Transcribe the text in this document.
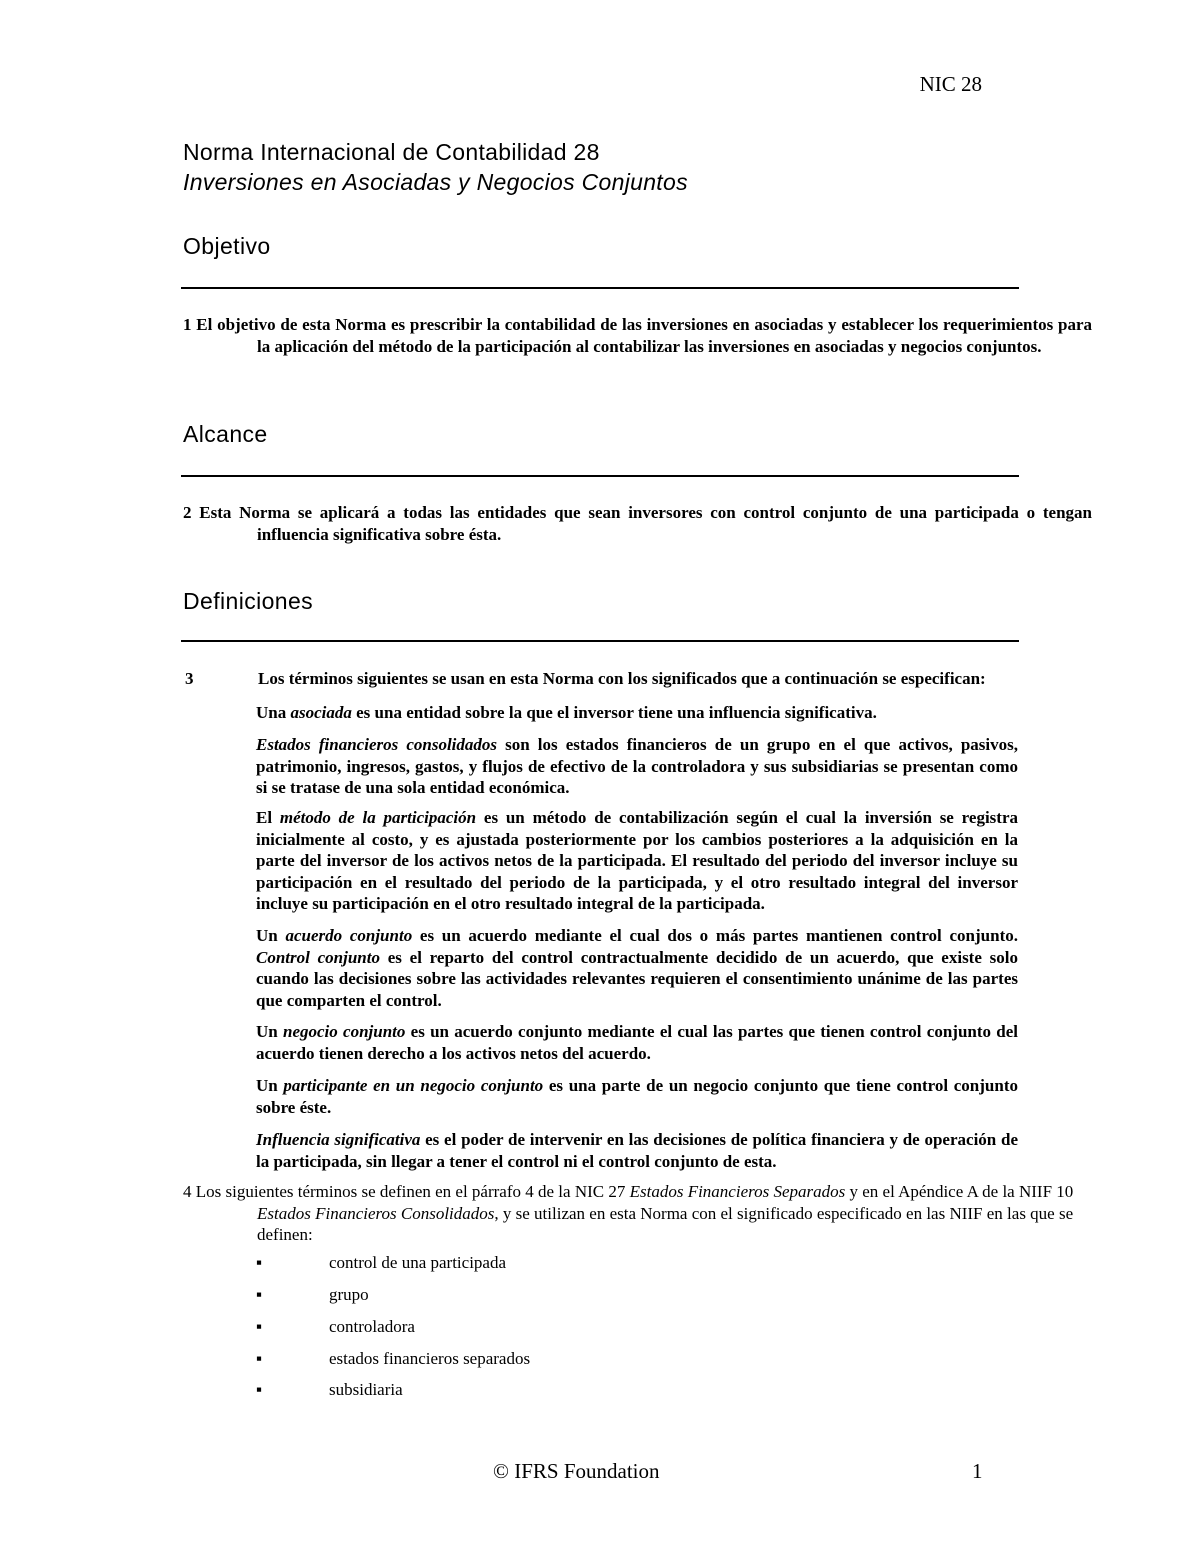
NIC 28
Norma Internacional de Contabilidad 28
Inversiones en Asociadas y Negocios Conjuntos
Objetivo
1 El objetivo de esta Norma es prescribir la contabilidad de las inversiones en asociadas y establecer los requerimientos para la aplicación del método de la participación al contabilizar las inversiones en asociadas y negocios conjuntos.
Alcance
2 Esta Norma se aplicará a todas las entidades que sean inversores con control conjunto de una participada o tengan influencia significativa sobre ésta.
Definiciones
3	Los términos siguientes se usan en esta Norma con los significados que a continuación se especifican:
Una asociada es una entidad sobre la que el inversor tiene una influencia significativa.
Estados financieros consolidados son los estados financieros de un grupo en el que activos, pasivos, patrimonio, ingresos, gastos, y flujos de efectivo de la controladora y sus subsidiarias se presentan como si se tratase de una sola entidad económica.
El método de la participación es un método de contabilización según el cual la inversión se registra inicialmente al costo, y es ajustada posteriormente por los cambios posteriores a la adquisición en la parte del inversor de los activos netos de la participada. El resultado del periodo del inversor incluye su participación en el resultado del periodo de la participada, y el otro resultado integral del inversor incluye su participación en el otro resultado integral de la participada.
Un acuerdo conjunto es un acuerdo mediante el cual dos o más partes mantienen control conjunto. Control conjunto es el reparto del control contractualmente decidido de un acuerdo, que existe solo cuando las decisiones sobre las actividades relevantes requieren el consentimiento unánime de las partes que comparten el control.
Un negocio conjunto es un acuerdo conjunto mediante el cual las partes que tienen control conjunto del acuerdo tienen derecho a los activos netos del acuerdo.
Un participante en un negocio conjunto es una parte de un negocio conjunto que tiene control conjunto sobre éste.
Influencia significativa es el poder de intervenir en las decisiones de política financiera y de operación de la participada, sin llegar a tener el control ni el control conjunto de esta.
4 Los siguientes términos se definen en el párrafo 4 de la NIC 27 Estados Financieros Separados y en el Apéndice A de la NIIF 10 Estados Financieros Consolidados, y se utilizan en esta Norma con el significado especificado en las NIIF en las que se definen:
▪	control de una participada
▪	grupo
▪	controladora
▪	estados financieros separados
▪	subsidiaria
© IFRS Foundation	1
